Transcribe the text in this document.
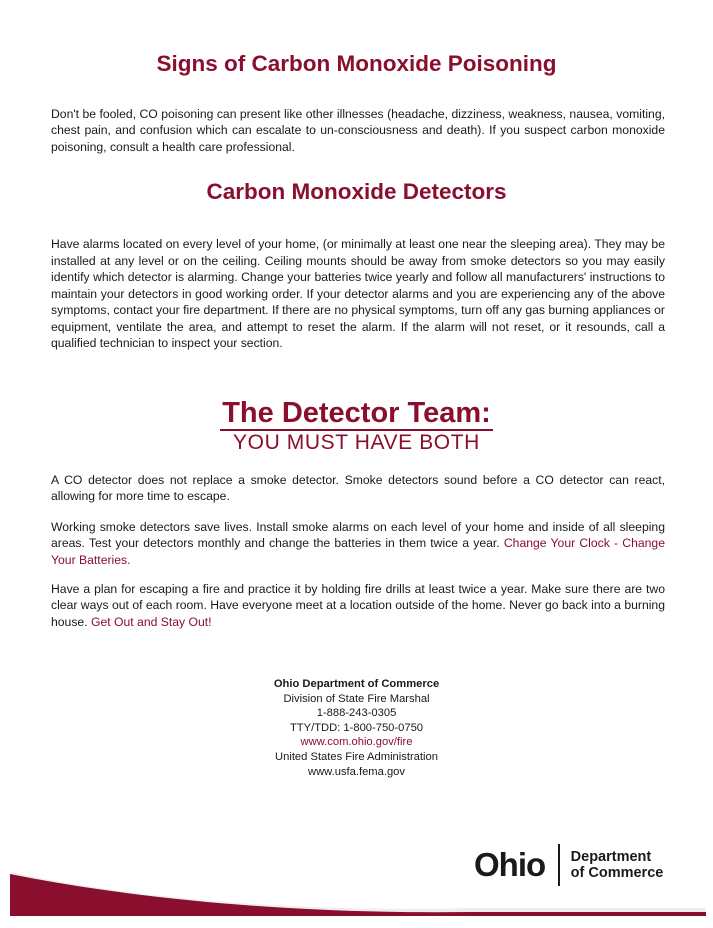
Signs of Carbon Monoxide Poisoning

Don't be fooled, CO poisoning can present like other illnesses (headache, dizziness, weakness, nausea, vomiting, chest pain, and confusion which can escalate to un-consciousness and death). If you suspect carbon monoxide poisoning, consult a health care professional.

Carbon Monoxide Detectors

Have alarms located on every level of your home, (or minimally at least one near the sleeping area). They may be installed at any level or on the ceiling. Ceiling mounts should be away from smoke detectors so you may easily identify which detector is alarming. Change your batteries twice yearly and follow all manufacturers' instructions to maintain your detectors in good working order. If your detector alarms and you are experiencing any of the above symptoms, contact your fire department. If there are no physical symptoms, turn off any gas burning appliances or equipment, ventilate the area, and attempt to reset the alarm. If the alarm will not reset, or it resounds, call a qualified technician to inspect your section.

The Detector Team:
YOU MUST HAVE BOTH

A CO detector does not replace a smoke detector. Smoke detectors sound before a CO detector can react, allowing for more time to escape.

Working smoke detectors save lives. Install smoke alarms on each level of your home and inside of all sleeping areas. Test your detectors monthly and change the batteries in them twice a year. Change Your Clock - Change Your Batteries.

Have a plan for escaping a fire and practice it by holding fire drills at least twice a year. Make sure there are two clear ways out of each room. Have everyone meet at a location outside of the home. Never go back into a burning house. Get Out and Stay Out!

Ohio Department of Commerce
Division of State Fire Marshal
1-888-243-0305
TTY/TDD: 1-800-750-0750
www.com.ohio.gov/fire
United States Fire Administration
www.usfa.fema.gov
Ohio Department
of Commerce
